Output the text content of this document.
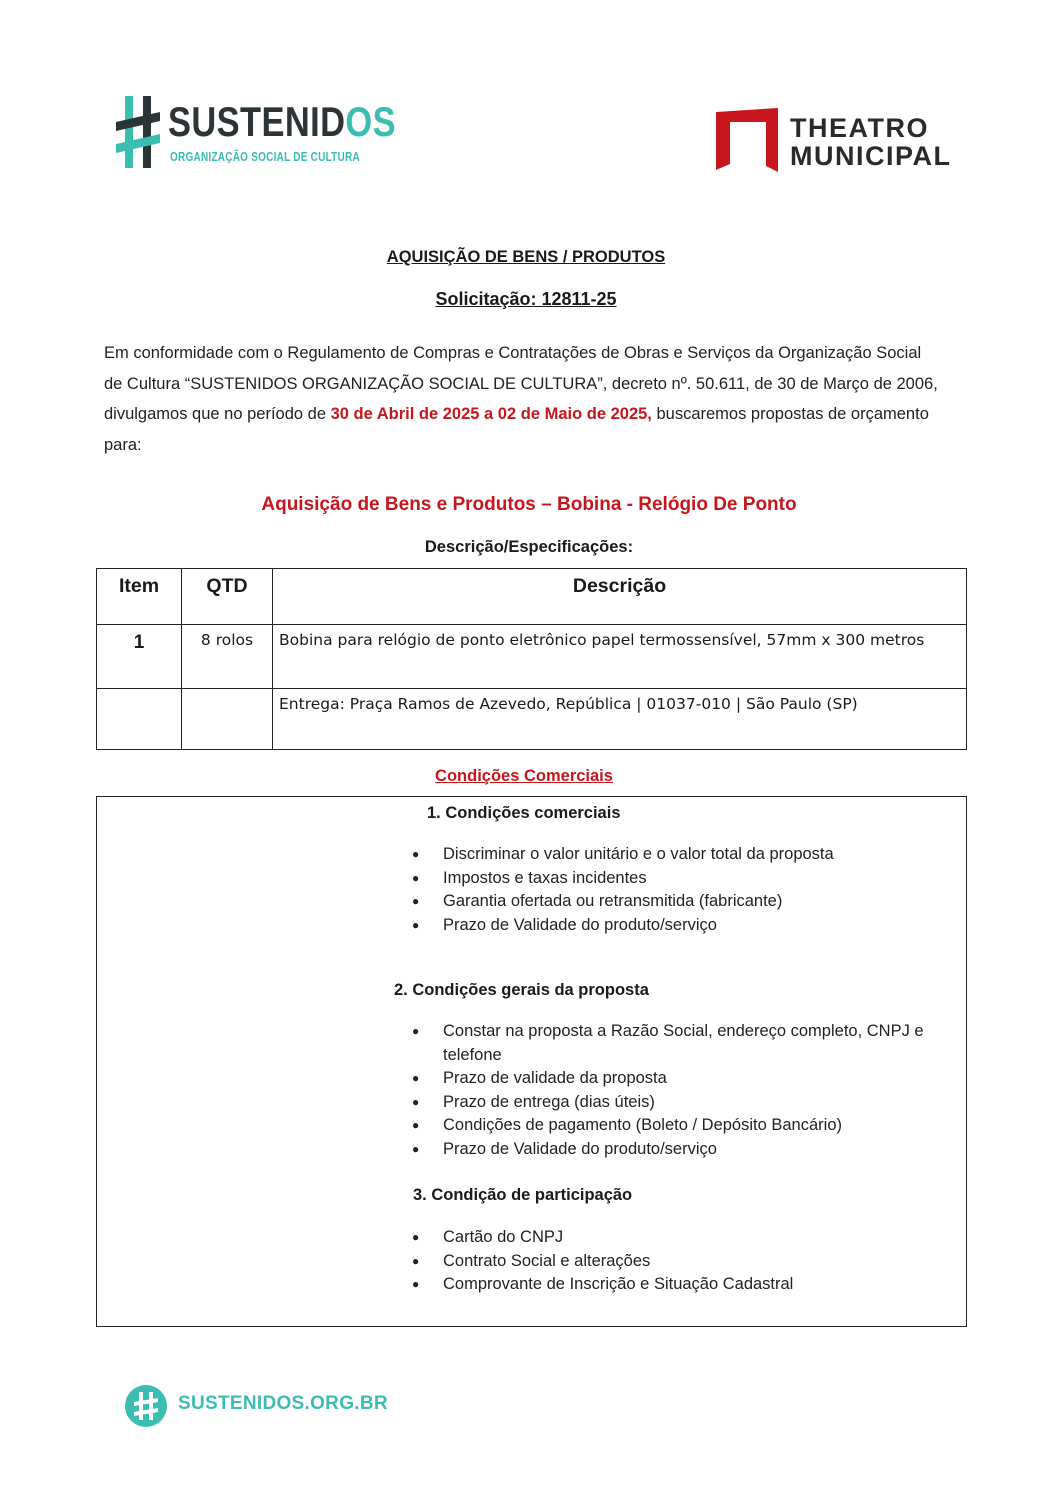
SUSTENIDOS
ORGANIZAÇÃO SOCIAL DE CULTURA
THEATRO
MUNICIPAL
AQUISIÇÃO DE BENS / PRODUTOS
Solicitação: 12811-25
Em conformidade com o Regulamento de Compras e Contratações de Obras e Serviços da Organização Social de Cultura “SUSTENIDOS ORGANIZAÇÃO SOCIAL DE CULTURA”, decreto nº. 50.611, de 30 de Março de 2006, divulgamos que no período de 30 de Abril de 2025 a 02 de Maio de 2025, buscaremos propostas de orçamento para:
Aquisição de Bens e Produtos – Bobina - Relógio De Ponto
Descrição/Especificações:
Item	QTD	Descrição
1	8 rolos	Bobina para relógio de ponto eletrônico papel termossensível, 57mm x 300 metros
		Entrega: Praça Ramos de Azevedo, República | 01037-010 | São Paulo (SP)
Condições Comerciais
1. Condições comerciais
● Discriminar o valor unitário e o valor total da proposta
● Impostos e taxas incidentes
● Garantia ofertada ou retransmitida (fabricante)
● Prazo de Validade do produto/serviço
2. Condições gerais da proposta
● Constar na proposta a Razão Social, endereço completo, CNPJ e
telefone
● Prazo de validade da proposta
● Prazo de entrega (dias úteis)
● Condições de pagamento (Boleto / Depósito Bancário)
● Prazo de Validade do produto/serviço
3. Condição de participação
● Cartão do CNPJ
● Contrato Social e alterações
● Comprovante de Inscrição e Situação Cadastral
SUSTENIDOS.ORG.BR
